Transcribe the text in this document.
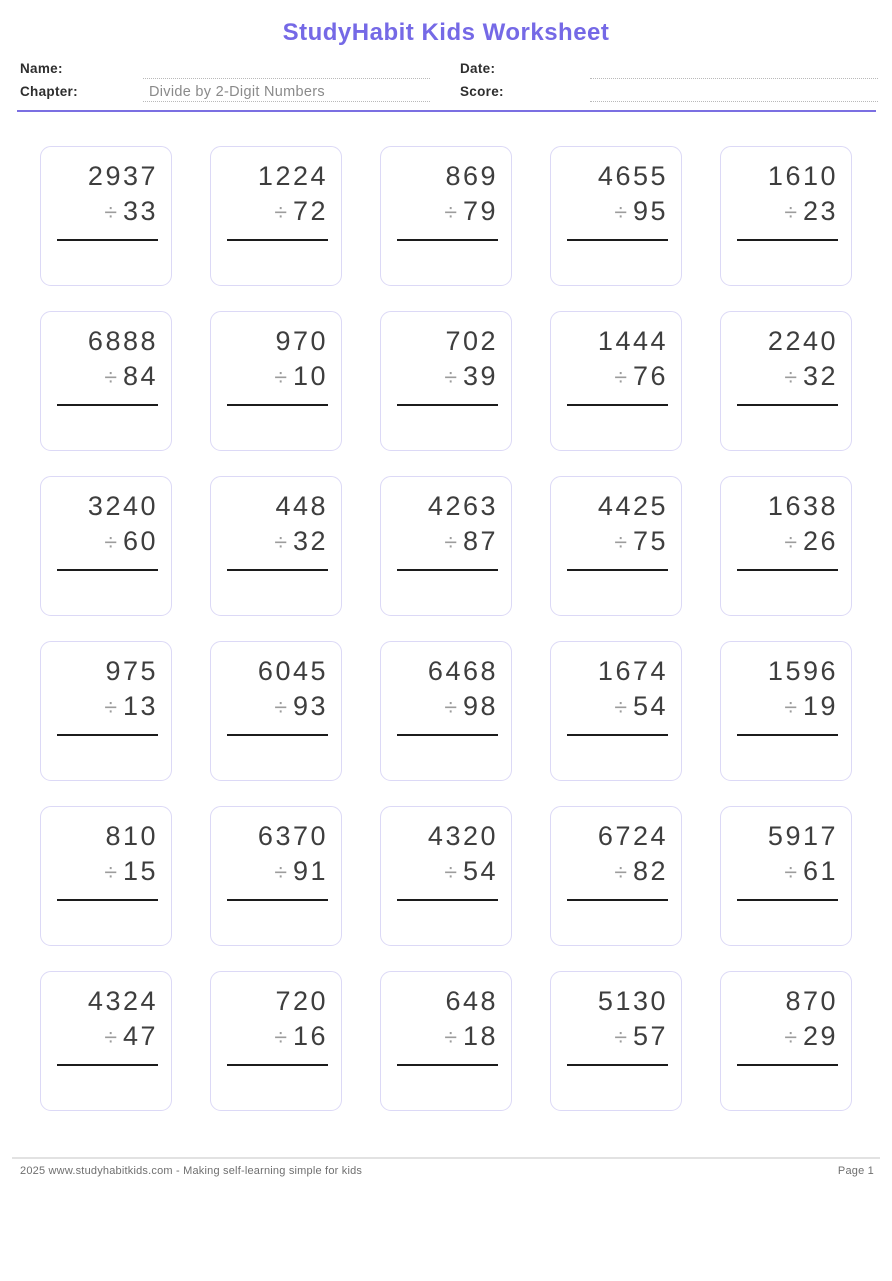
StudyHabit Kids Worksheet
Name:
Chapter:	Divide by 2-Digit Numbers
Date:
Score:
2937
÷ 33
1224
÷ 72
869
÷ 79
4655
÷ 95
1610
÷ 23
6888
÷ 84
970
÷ 10
702
÷ 39
1444
÷ 76
2240
÷ 32
3240
÷ 60
448
÷ 32
4263
÷ 87
4425
÷ 75
1638
÷ 26
975
÷ 13
6045
÷ 93
6468
÷ 98
1674
÷ 54
1596
÷ 19
810
÷ 15
6370
÷ 91
4320
÷ 54
6724
÷ 82
5917
÷ 61
4324
÷ 47
720
÷ 16
648
÷ 18
5130
÷ 57
870
÷ 29
2025 www.studyhabitkids.com - Making self-learning simple for kids	Page 1
